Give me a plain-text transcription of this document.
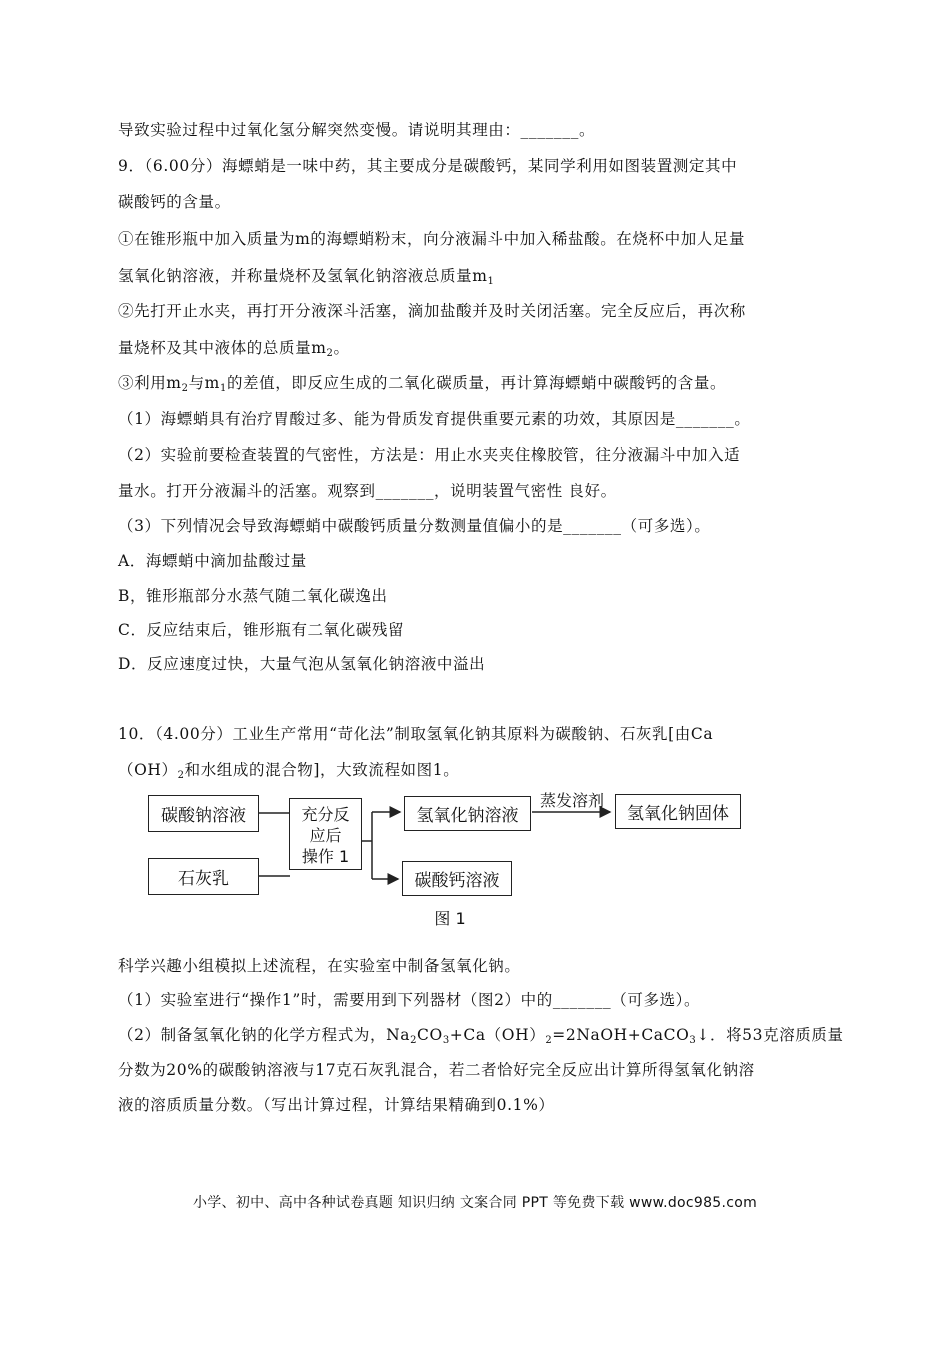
导致实验过程中过氧化氢分解突然变慢。请说明其理由：_______。
9．（6.00分）海螵蛸是一味中药，其主要成分是碳酸钙，某同学利用如图装置测定其中
碳酸钙的含量。
①在锥形瓶中加入质量为m的海螵蛸粉末，向分液漏斗中加入稀盐酸。在烧杯中加人足量
氢氧化钠溶液，并称量烧杯及氢氧化钠溶液总质量$m_1$
②先打开止水夹，再打开分液深斗活塞，滴加盐酸并及时关闭活塞。完全反应后，再次称
量烧杯及其中液体的总质量$m_2$。
③利用$m_2$与$m_1$的差值，即反应生成的二氧化碳质量，再计算海螵蛸中碳酸钙的含量。
（1）海螵蛸具有治疗胃酸过多、能为骨质发育提供重要元素的功效，其原因是_______。
（2）实验前要检查装置的气密性，方法是：用止水夹夹住橡胶管，往分液漏斗中加入适
量水。打开分液漏斗的活塞。观察到_______，说明装置气密性 良好。
（3）下列情况会导致海螵蛸中碳酸钙质量分数测量值偏小的是_______（可多选）。
A．海螵蛸中滴加盐酸过量
B，锥形瓶部分水蒸气随二氧化碳逸出
C．反应结束后，锥形瓶有二氧化碳残留
D．反应速度过快，大量气泡从氢氧化钠溶液中溢出
10．（4.00分）工业生产常用“苛化法”制取氢氧化钠其原料为碳酸钠、石灰乳[由Ca
$(OH)_2$和水组成的混合物]，大致流程如图1。
碳酸钠溶液
石灰乳
充分反
应后
操作 1
氢氧化钠溶液
蒸发溶剂
氢氧化钠固体
碳酸钙溶液
图 1
科学兴趣小组模拟上述流程，在实验室中制备氢氧化钠。
（1）实验室进行“操作1”时，需要用到下列器材（图2）中的_______（可多选）。
（2）制备氢氧化钠的化学方程式为，$Na_2CO_3+Ca(OH)_2=2NaOH+CaCO_3↓$．将53克溶质质量
分数为20%的碳酸钠溶液与17克石灰乳混合，若二者恰好完全反应出计算所得氢氧化钠溶
液的溶质质量分数。（写出计算过程，计算结果精确到0.1%）
小学、初中、高中各种试卷真题 知识归纳 文案合同 PPT 等免费下载 www.doc985.com
